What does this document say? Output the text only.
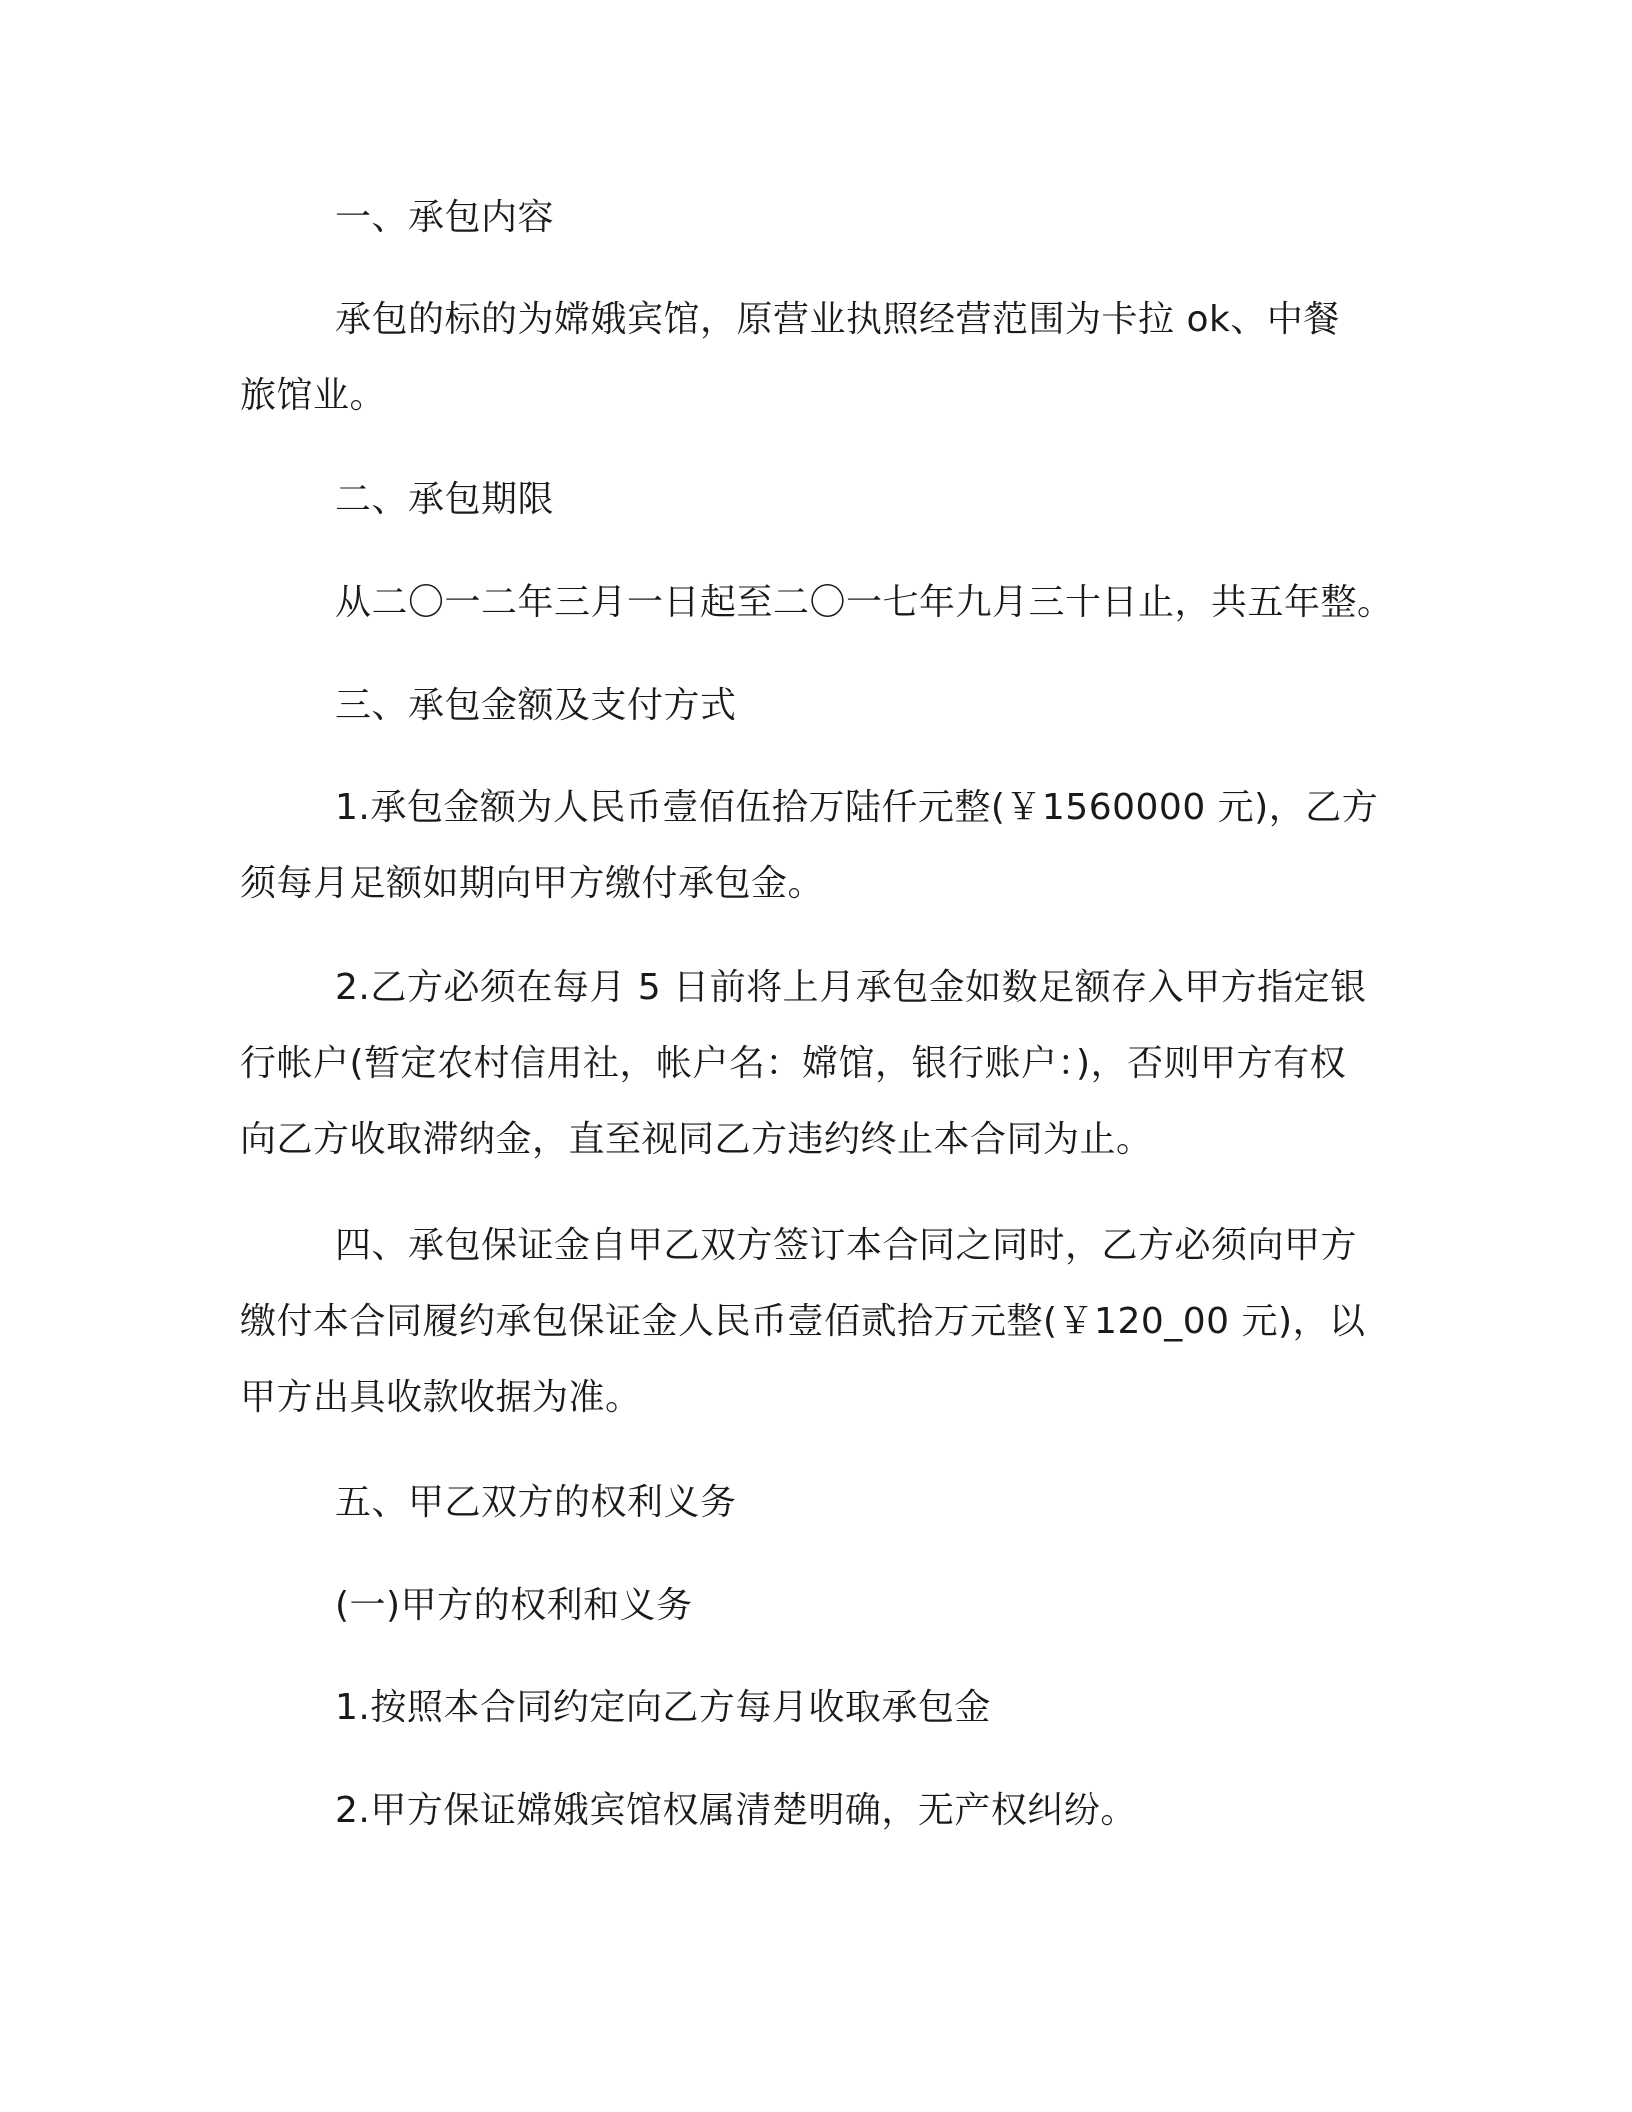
一、承包内容
承包的标的为嫦娥宾馆，原营业执照经营范围为卡拉 ok、中餐
旅馆业。
二、承包期限
从二〇一二年三月一日起至二〇一七年九月三十日止，共五年整。
三、承包金额及支付方式
1.承包金额为人民币壹佰伍拾万陆仟元整(￥1560000 元)，乙方
须每月足额如期向甲方缴付承包金。
2.乙方必须在每月 5 日前将上月承包金如数足额存入甲方指定银
行帐户(暂定农村信用社，帐户名：嫦馆，银行账户：)，否则甲方有权
向乙方收取滞纳金，直至视同乙方违约终止本合同为止。
四、承包保证金自甲乙双方签订本合同之同时，乙方必须向甲方
缴付本合同履约承包保证金人民币壹佰贰拾万元整(￥120_00 元)，以
甲方出具收款收据为准。
五、甲乙双方的权利义务
(一)甲方的权利和义务
1.按照本合同约定向乙方每月收取承包金
2.甲方保证嫦娥宾馆权属清楚明确，无产权纠纷。
